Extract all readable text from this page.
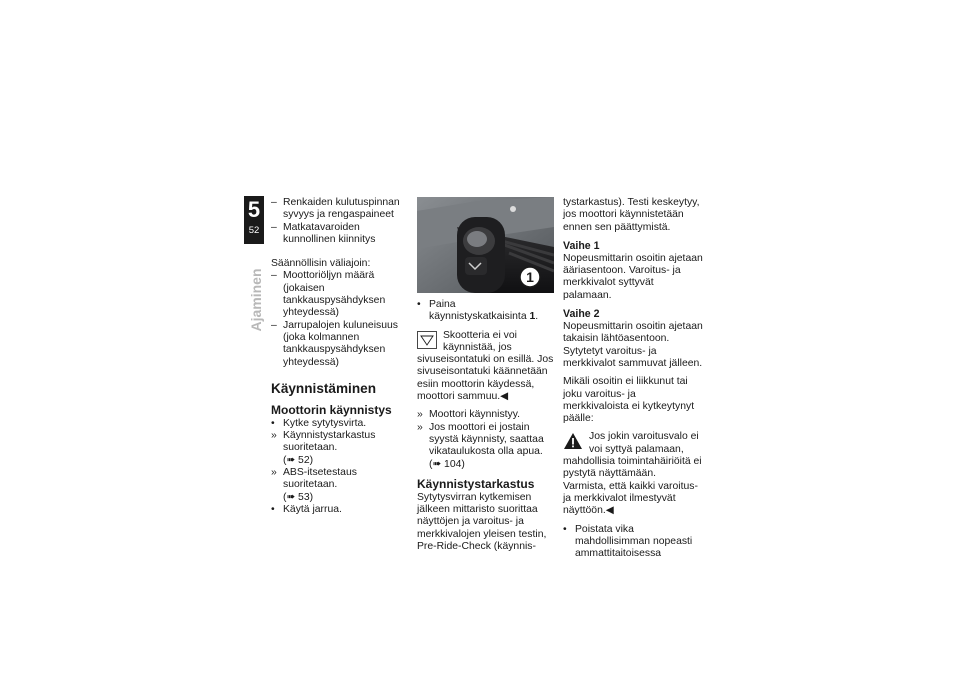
5
52
Ajaminen
– Renkaiden kulutuspinnan syvyys ja rengaspaineet
– Matkatavaroiden kunnollinen kiinnitys

Säännöllisin väliajoin:

– Moottoriöljyn määrä (jokaisen tankkauspysähdyksen yhteydessä)
– Jarrupalojen kuluneisuus (joka kolmannen tankkauspysähdyksen yhteydessä)
Käynnistäminen
Moottorin käynnistys
• Kytke sytytysvirta.
» Käynnistystarkastus suoritetaan.
(➠ 52)
» ABS-itsetestaus suoritetaan.
(➠ 53)
• Käytä jarrua.
1
• Paina käynnistyskatkaisinta 1.
Skootteria ei voi käynnistää, jos sivuseisontatuki on esillä. Jos sivuseisontatuki käännetään esiin moottorin käydessä, moottori sammuu.◀
» Moottori käynnistyy.
» Jos moottori ei jostain syystä käynnisty, saattaa vikataulukosta olla apua. (➠ 104)
Käynnistystarkastus

Sytytysvirran kytkemisen jälkeen mittaristo suorittaa näyttöjen ja varoitus- ja merkkivalojen yleisen testin, Pre-Ride-Check (käynnis-

tystarkastus). Testi keskeytyy, jos moottori käynnistetään ennen sen päättymistä.

Vaihe 1

Nopeusmittarin osoitin ajetaan ääriasentoon. Varoitus- ja merkkivalot syttyvät palamaan.

Vaihe 2

Nopeusmittarin osoitin ajetaan takaisin lähtöasentoon. Sytytetyt varoitus- ja merkkivalot sammuvat jälleen.

Mikäli osoitin ei liikkunut tai joku varoitus- ja merkkivaloista ei kytkeytynyt päälle:

Jos jokin varoitusvalo ei voi syttyä palamaan, mahdollisia toimintahäiriöitä ei pystytä näyttämään.

Varmista, että kaikki varoitus- ja merkkivalot ilmestyvät näyttöön.◀

• Poistata vika mahdollisimman nopeasti ammattitaitoisessa
